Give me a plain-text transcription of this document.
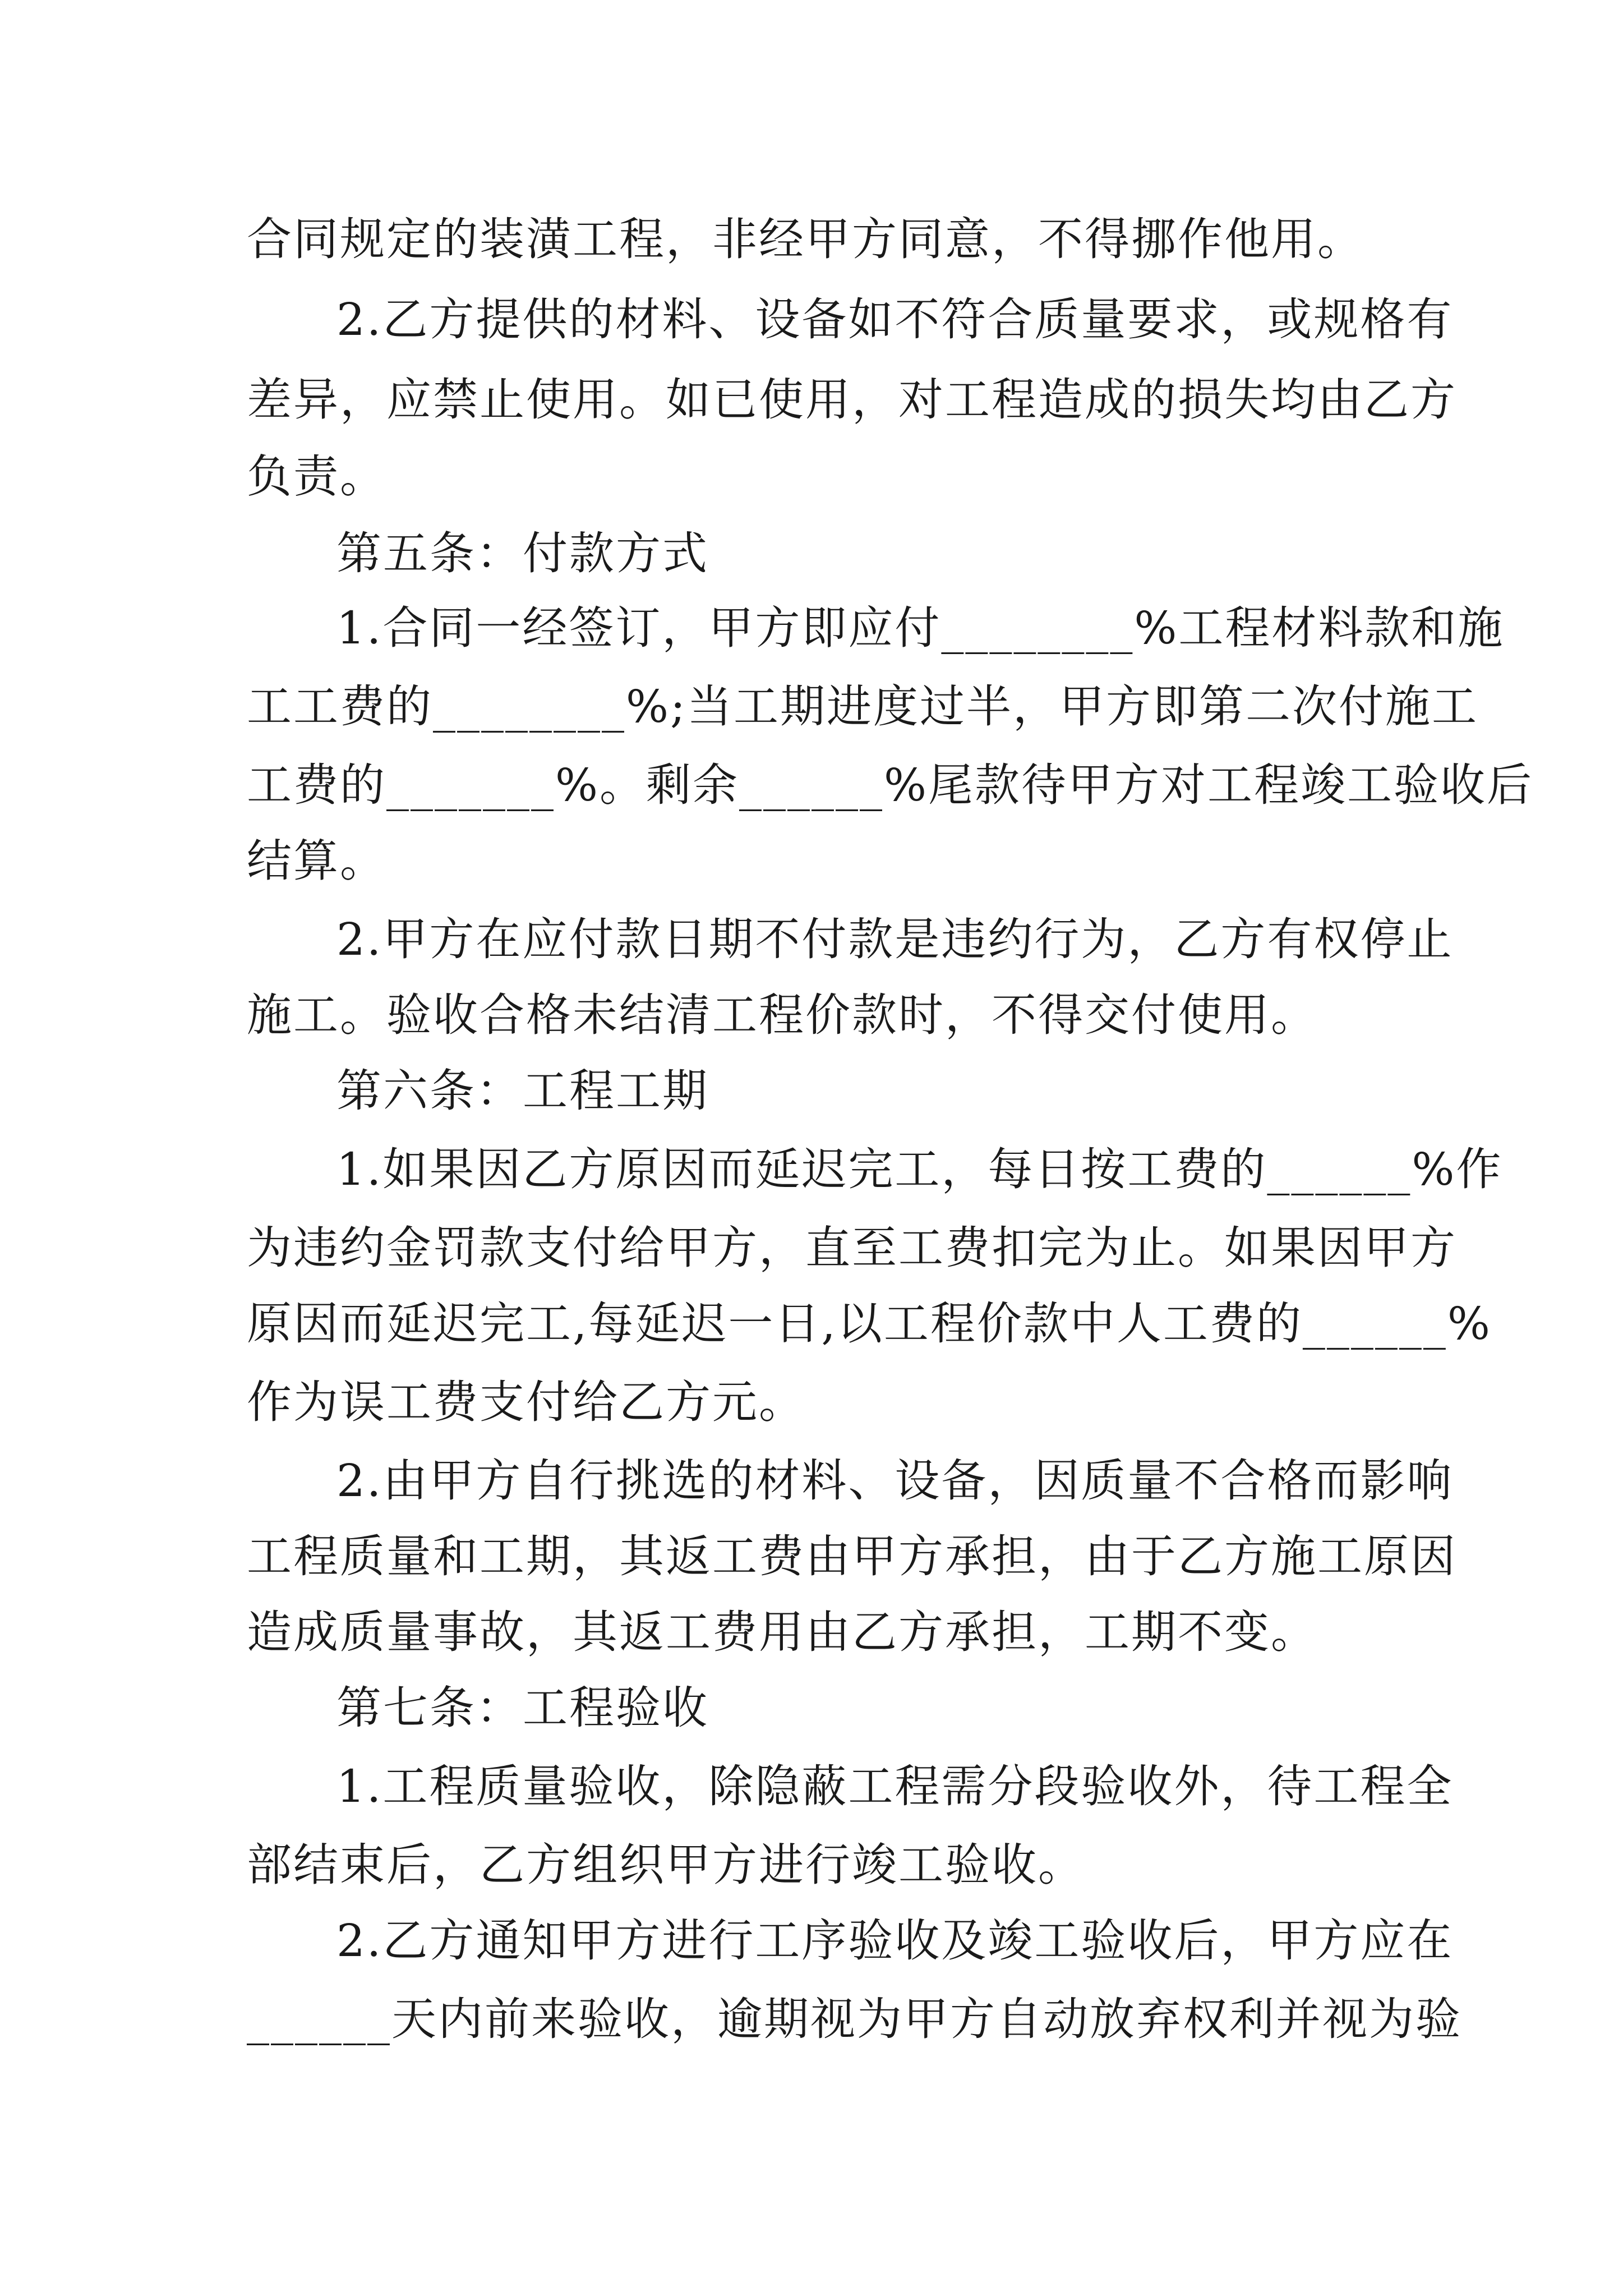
合同规定的装潢工程，非经甲方同意，不得挪作他用。
2.乙方提供的材料、设备如不符合质量要求，或规格有
差异，应禁止使用。如已使用，对工程造成的损失均由乙方
负责。
第五条：付款方式
1.合同一经签订，甲方即应付________%工程材料款和施
工工费的________%;当工期进度过半，甲方即第二次付施工
工费的_______%。剩余______%尾款待甲方对工程竣工验收后
结算。
2.甲方在应付款日期不付款是违约行为，乙方有权停止
施工。验收合格未结清工程价款时，不得交付使用。
第六条：工程工期
1.如果因乙方原因而延迟完工，每日按工费的______%作
为违约金罚款支付给甲方，直至工费扣完为止。如果因甲方
原因而延迟完工,每延迟一日,以工程价款中人工费的______%
作为误工费支付给乙方元。
2.由甲方自行挑选的材料、设备，因质量不合格而影响
工程质量和工期，其返工费由甲方承担，由于乙方施工原因
造成质量事故，其返工费用由乙方承担，工期不变。
第七条：工程验收
1.工程质量验收，除隐蔽工程需分段验收外，待工程全
部结束后，乙方组织甲方进行竣工验收。
2.乙方通知甲方进行工序验收及竣工验收后，甲方应在
______天内前来验收，逾期视为甲方自动放弃权利并视为验
